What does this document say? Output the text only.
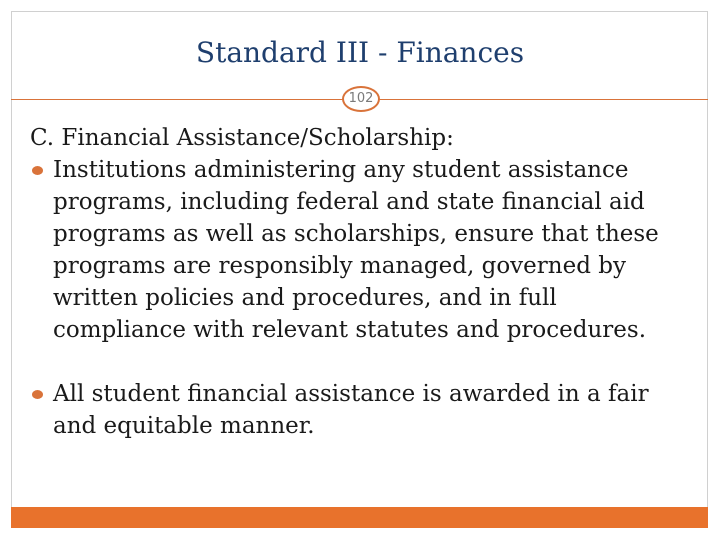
Standard III - Finances
102

C. Financial Assistance/Scholarship:

Institutions administering any student assistance programs, including federal and state financial aid programs as well as scholarships, ensure that these programs are responsibly managed, governed by written policies and procedures, and in full compliance with relevant statutes and procedures.

All student financial assistance is awarded in a fair and equitable manner.
